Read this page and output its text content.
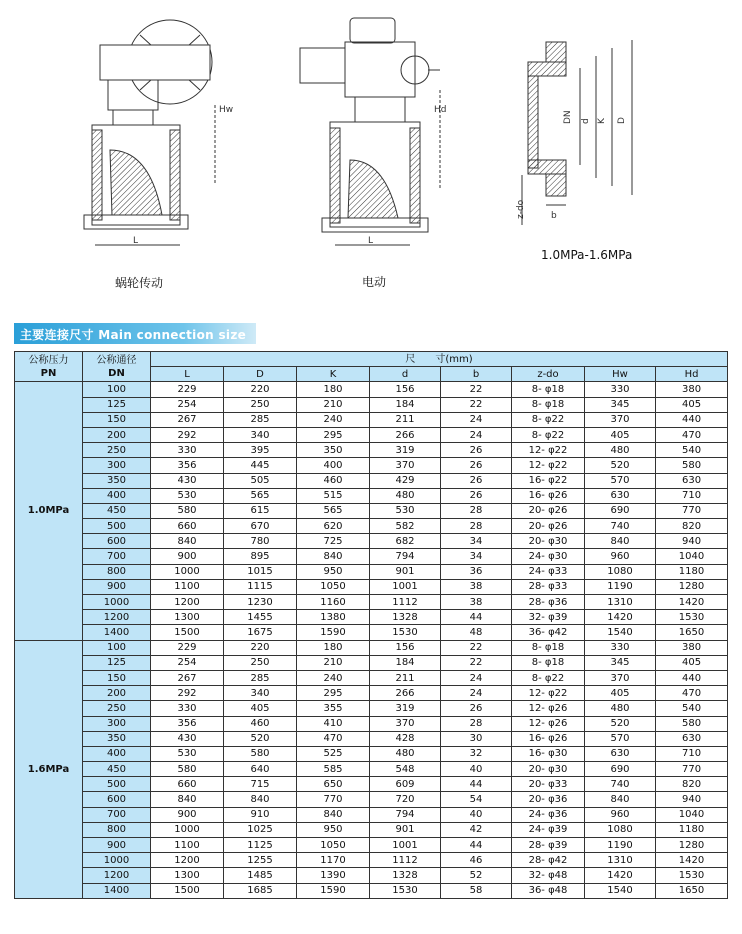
Hw
L
Hd
L
DN d K D
z-do	b
蜗轮传动	电动
1.0MPa-1.6MPa
主要连接尺寸 Main connection size
公称压力
PN	公称通径
DN	尺　　寸(mm)							
		L	D	K	d	b	z-do	Hw	Hd
1.0MPa	100	229	220	180	156	22	8- φ18	330	380
	125	254	250	210	184	22	8- φ18	345	405
	150	267	285	240	211	24	8- φ22	370	440
	200	292	340	295	266	24	8- φ22	405	470
	250	330	395	350	319	26	12- φ22	480	540
	300	356	445	400	370	26	12- φ22	520	580
	350	430	505	460	429	26	16- φ22	570	630
	400	530	565	515	480	26	16- φ26	630	710
	450	580	615	565	530	28	20- φ26	690	770
	500	660	670	620	582	28	20- φ26	740	820
	600	840	780	725	682	34	20- φ30	840	940
	700	900	895	840	794	34	24- φ30	960	1040
	800	1000	1015	950	901	36	24- φ33	1080	1180
	900	1100	1115	1050	1001	38	28- φ33	1190	1280
	1000	1200	1230	1160	1112	38	28- φ36	1310	1420
	1200	1300	1455	1380	1328	44	32- φ39	1420	1530
	1400	1500	1675	1590	1530	48	36- φ42	1540	1650
1.6MPa	100	229	220	180	156	22	8- φ18	330	380
	125	254	250	210	184	22	8- φ18	345	405
	150	267	285	240	211	24	8- φ22	370	440
	200	292	340	295	266	24	12- φ22	405	470
	250	330	405	355	319	26	12- φ26	480	540
	300	356	460	410	370	28	12- φ26	520	580
	350	430	520	470	428	30	16- φ26	570	630
	400	530	580	525	480	32	16- φ30	630	710
	450	580	640	585	548	40	20- φ30	690	770
	500	660	715	650	609	44	20- φ33	740	820
	600	840	840	770	720	54	20- φ36	840	940
	700	900	910	840	794	40	24- φ36	960	1040
	800	1000	1025	950	901	42	24- φ39	1080	1180
	900	1100	1125	1050	1001	44	28- φ39	1190	1280
	1000	1200	1255	1170	1112	46	28- φ42	1310	1420
	1200	1300	1485	1390	1328	52	32- φ48	1420	1530
	1400	1500	1685	1590	1530	58	36- φ48	1540	1650
